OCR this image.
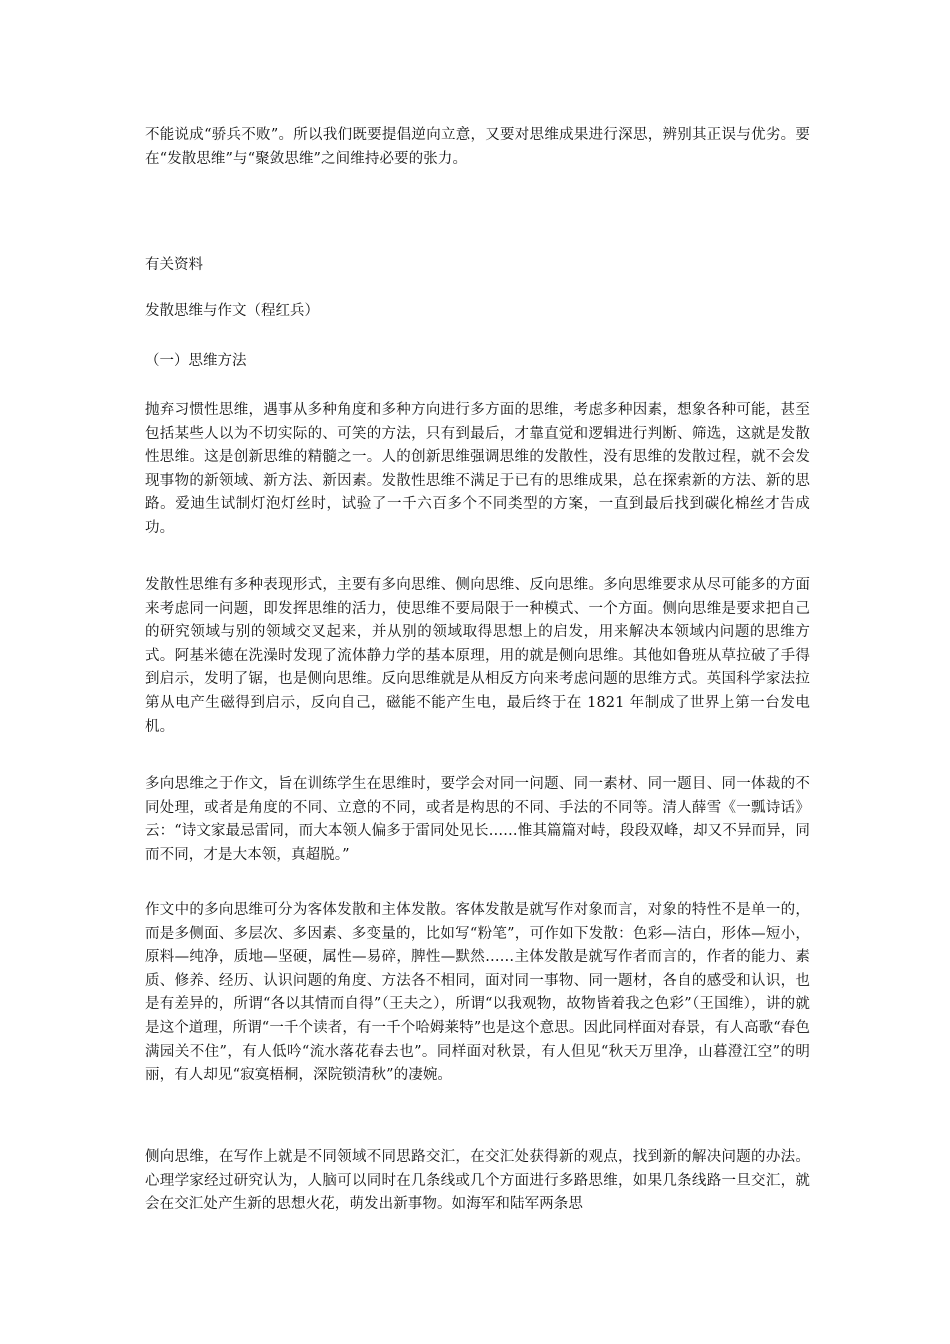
不能说成“骄兵不败”。所以我们既要提倡逆向立意，又要对思维成果进行深思，辨别其正误与优劣。要在“发散思维”与“聚敛思维”之间维持必要的张力。

有关资料

发散思维与作文（程红兵）

（一）思维方法

抛弃习惯性思维，遇事从多种角度和多种方向进行多方面的思维，考虑多种因素，想象各种可能，甚至包括某些人以为不切实际的、可笑的方法，只有到最后，才靠直觉和逻辑进行判断、筛选，这就是发散性思维。这是创新思维的精髓之一。人的创新思维强调思维的发散性，没有思维的发散过程，就不会发现事物的新领域、新方法、新因素。发散性思维不满足于已有的思维成果，总在探索新的方法、新的思路。爱迪生试制灯泡灯丝时，试验了一千六百多个不同类型的方案，一直到最后找到碳化棉丝才告成功。

发散性思维有多种表现形式，主要有多向思维、侧向思维、反向思维。多向思维要求从尽可能多的方面来考虑同一问题，即发挥思维的活力，使思维不要局限于一种模式、一个方面。侧向思维是要求把自己的研究领域与别的领域交叉起来，并从别的领域取得思想上的启发，用来解决本领域内问题的思维方式。阿基米德在洗澡时发现了流体静力学的基本原理，用的就是侧向思维。其他如鲁班从草拉破了手得到启示，发明了锯，也是侧向思维。反向思维就是从相反方向来考虑问题的思维方式。英国科学家法拉第从电产生磁得到启示，反向自己，磁能不能产生电，最后终于在 1821 年制成了世界上第一台发电机。

多向思维之于作文，旨在训练学生在思维时，要学会对同一问题、同一素材、同一题目、同一体裁的不同处理，或者是角度的不同、立意的不同，或者是构思的不同、手法的不同等。清人薛雪《一瓢诗话》云：“诗文家最忌雷同，而大本领人偏多于雷同处见长……惟其篇篇对峙，段段双峰，却又不异而异，同而不同，才是大本领，真超脱。”

作文中的多向思维可分为客体发散和主体发散。客体发散是就写作对象而言，对象的特性不是单一的，而是多侧面、多层次、多因素、多变量的，比如写“粉笔”，可作如下发散：色彩—洁白，形体—短小，原料—纯净，质地—坚硬，属性—易碎，脾性—默然……主体发散是就写作者而言的，作者的能力、素质、修养、经历、认识问题的角度、方法各不相同，面对同一事物、同一题材，各自的感受和认识，也是有差异的，所谓“各以其情而自得”（王夫之），所谓“以我观物，故物皆着我之色彩”（王国维），讲的就是这个道理，所谓“一千个读者，有一千个哈姆莱特”也是这个意思。因此同样面对春景，有人高歌“春色满园关不住”，有人低吟“流水落花春去也”。同样面对秋景，有人但见“秋天万里净，山暮澄江空”的明丽，有人却见“寂寞梧桐，深院锁清秋”的凄婉。

侧向思维，在写作上就是不同领域不同思路交汇，在交汇处获得新的观点，找到新的解决问题的办法。心理学家经过研究认为，人脑可以同时在几条线或几个方面进行多路思维，如果几条线路一旦交汇，就会在交汇处产生新的思想火花，萌发出新事物。如海军和陆军两条思
